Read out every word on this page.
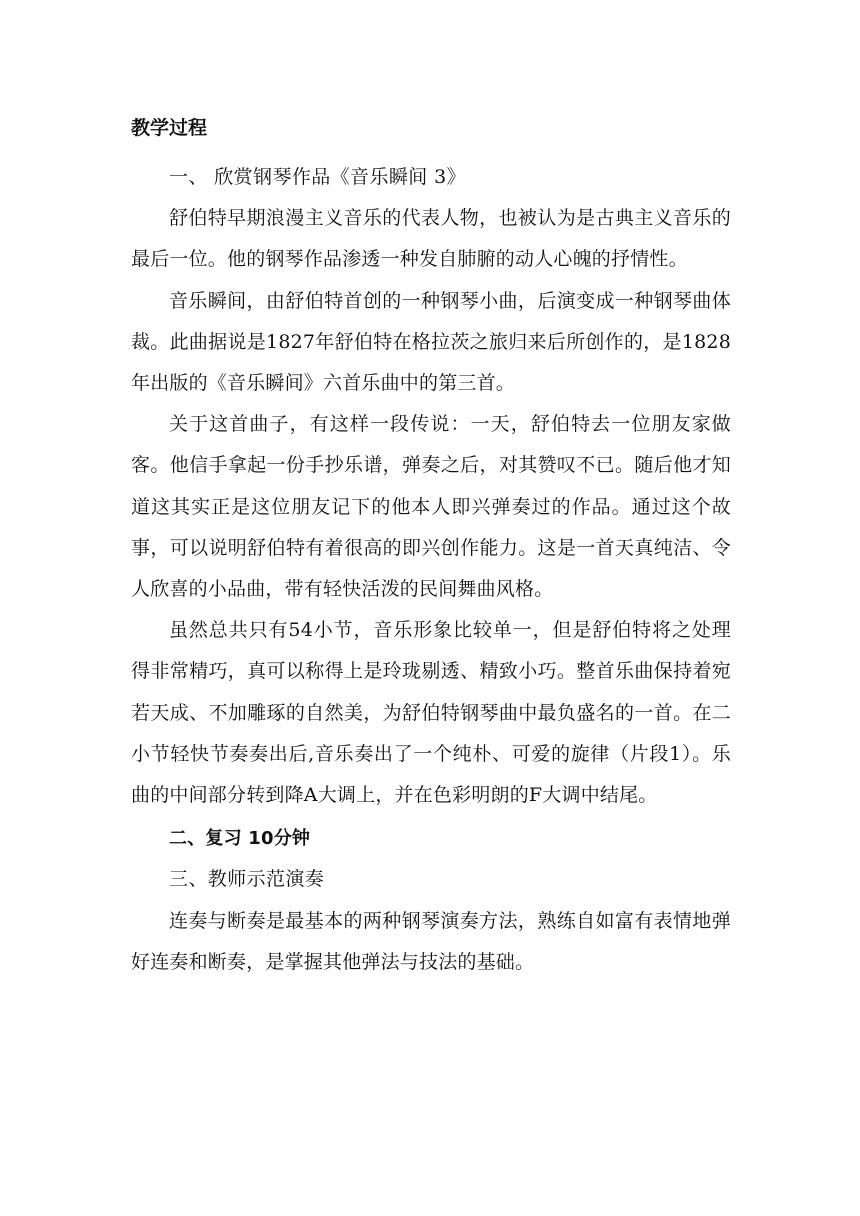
教学过程

一、 欣赏钢琴作品《音乐瞬间 3》

舒伯特早期浪漫主义音乐的代表人物，也被认为是古典主义音乐的最后一位。他的钢琴作品渗透一种发自肺腑的动人心魄的抒情性。

音乐瞬间，由舒伯特首创的一种钢琴小曲，后演变成一种钢琴曲体裁。此曲据说是1827年舒伯特在格拉茨之旅归来后所创作的，是1828年出版的《音乐瞬间》六首乐曲中的第三首。

关于这首曲子，有这样一段传说：一天，舒伯特去一位朋友家做客。他信手拿起一份手抄乐谱，弹奏之后，对其赞叹不已。随后他才知道这其实正是这位朋友记下的他本人即兴弹奏过的作品。通过这个故事，可以说明舒伯特有着很高的即兴创作能力。这是一首天真纯洁、令人欣喜的小品曲，带有轻快活泼的民间舞曲风格。

虽然总共只有54小节，音乐形象比较单一，但是舒伯特将之处理得非常精巧，真可以称得上是玲珑剔透、精致小巧。整首乐曲保持着宛若天成、不加雕琢的自然美，为舒伯特钢琴曲中最负盛名的一首。在二小节轻快节奏奏出后,音乐奏出了一个纯朴、可爱的旋律（片段1）。乐曲的中间部分转到降A大调上，并在色彩明朗的F大调中结尾。

二、复习 10分钟

三、教师示范演奏

连奏与断奏是最基本的两种钢琴演奏方法，熟练自如富有表情地弹好连奏和断奏，是掌握其他弹法与技法的基础。
